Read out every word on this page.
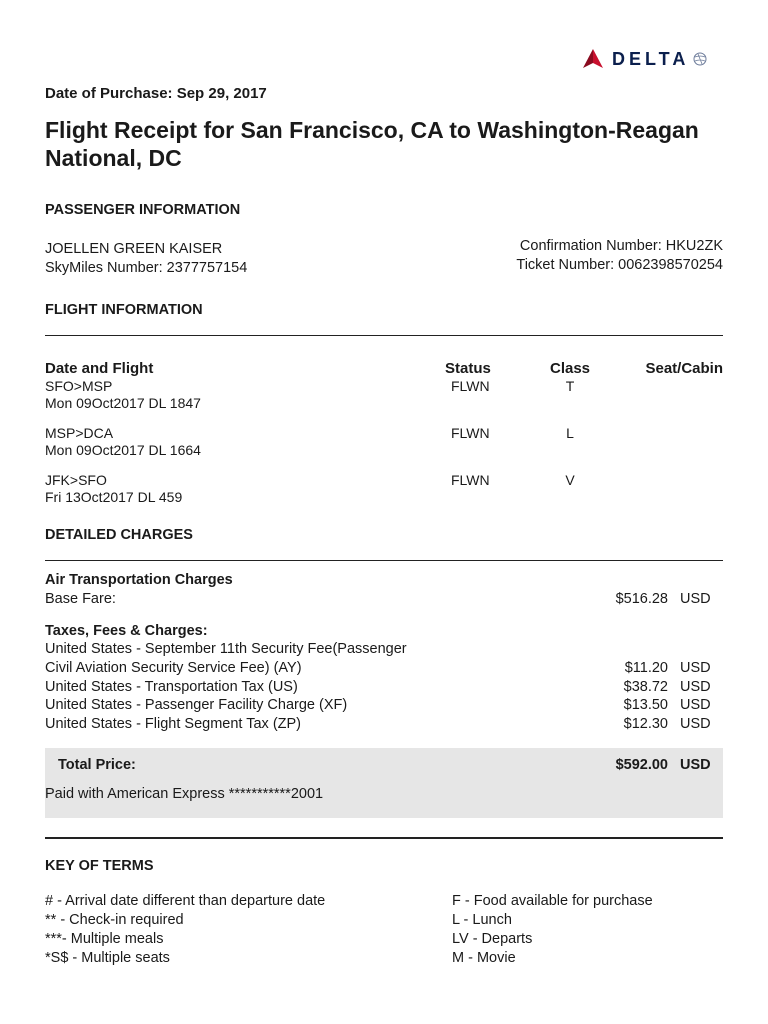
DELTA
Date of Purchase: Sep 29, 2017
Flight Receipt for San Francisco, CA to Washington-Reagan National, DC
PASSENGER INFORMATION
JOELLEN GREEN KAISER
SkyMiles Number: 2377757154
Confirmation Number: HKU2ZK
Ticket Number: 0062398570254
FLIGHT INFORMATION
Date and Flight	Status	Class	Seat/Cabin
SFO>MSP
Mon 09Oct2017 DL 1847
FLWN	T
MSP>DCA
Mon 09Oct2017 DL 1664
FLWN	L
JFK>SFO
Fri 13Oct2017 DL 459
FLWN	V
DETAILED CHARGES
Air Transportation Charges
Base Fare:	$516.28 USD
Taxes, Fees & Charges:
United States - September 11th Security Fee(Passenger
Civil Aviation Security Service Fee) (AY)	$11.20 USD
United States - Transportation Tax (US)	$38.72 USD
United States - Passenger Facility Charge (XF)	$13.50 USD
United States - Flight Segment Tax (ZP)	$12.30 USD
Total Price:	$592.00 USD
Paid with American Express ***********2001
KEY OF TERMS
# - Arrival date different than departure date
** - Check-in required
***- Multiple meals
*S$ - Multiple seats
F - Food available for purchase
L - Lunch
LV - Departs
M - Movie
